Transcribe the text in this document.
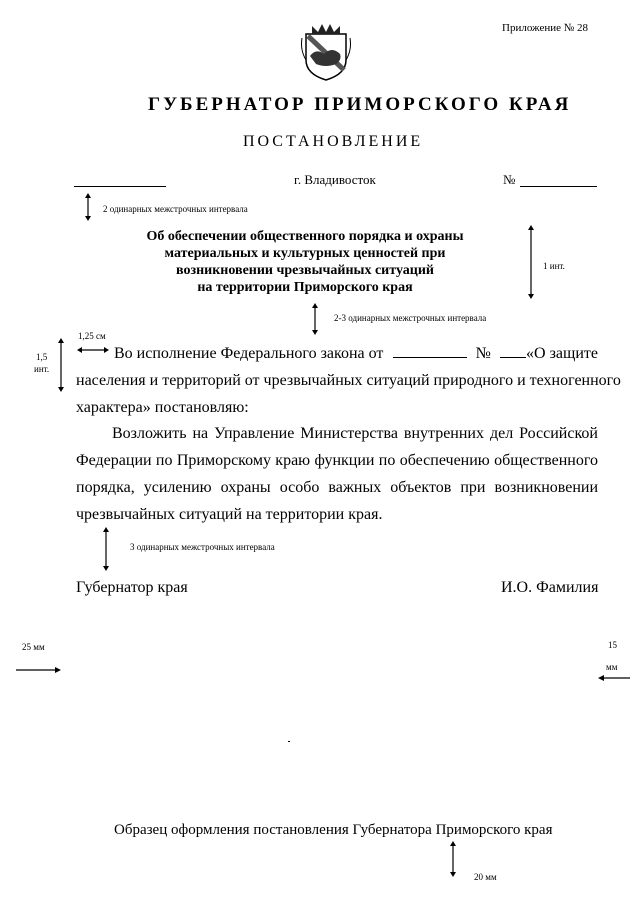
Приложение № 28
ГУБЕРНАТОР ПРИМОРСКОГО КРАЯ
ПОСТАНОВЛЕНИЕ
г. Владивосток	№
2 одинарных межстрочных интервала
Об обеспечении общественного порядка и охраны
материальных и культурных ценностей при
возникновении чрезвычайных ситуаций
на территории Приморского края
1 инт.
2-3 одинарных межстрочных интервала
1,25 см
1,5
инт.
Во исполнение Федерального закона от	№	«О защите
населения и территорий от чрезвычайных ситуаций природного и техногенного
характера» постановляю:
Возложить на Управление Министерства внутренних дел Российской Федерации по Приморскому краю функции по обеспечению общественного порядка, усилению охраны особо важных объектов при возникновении чрезвычайных ситуаций на территории края.
3 одинарных межстрочных интервала
Губернатор края	И.О. Фамилия
25 мм	15
мм
Образец оформления постановления Губернатора Приморского края
20 мм
